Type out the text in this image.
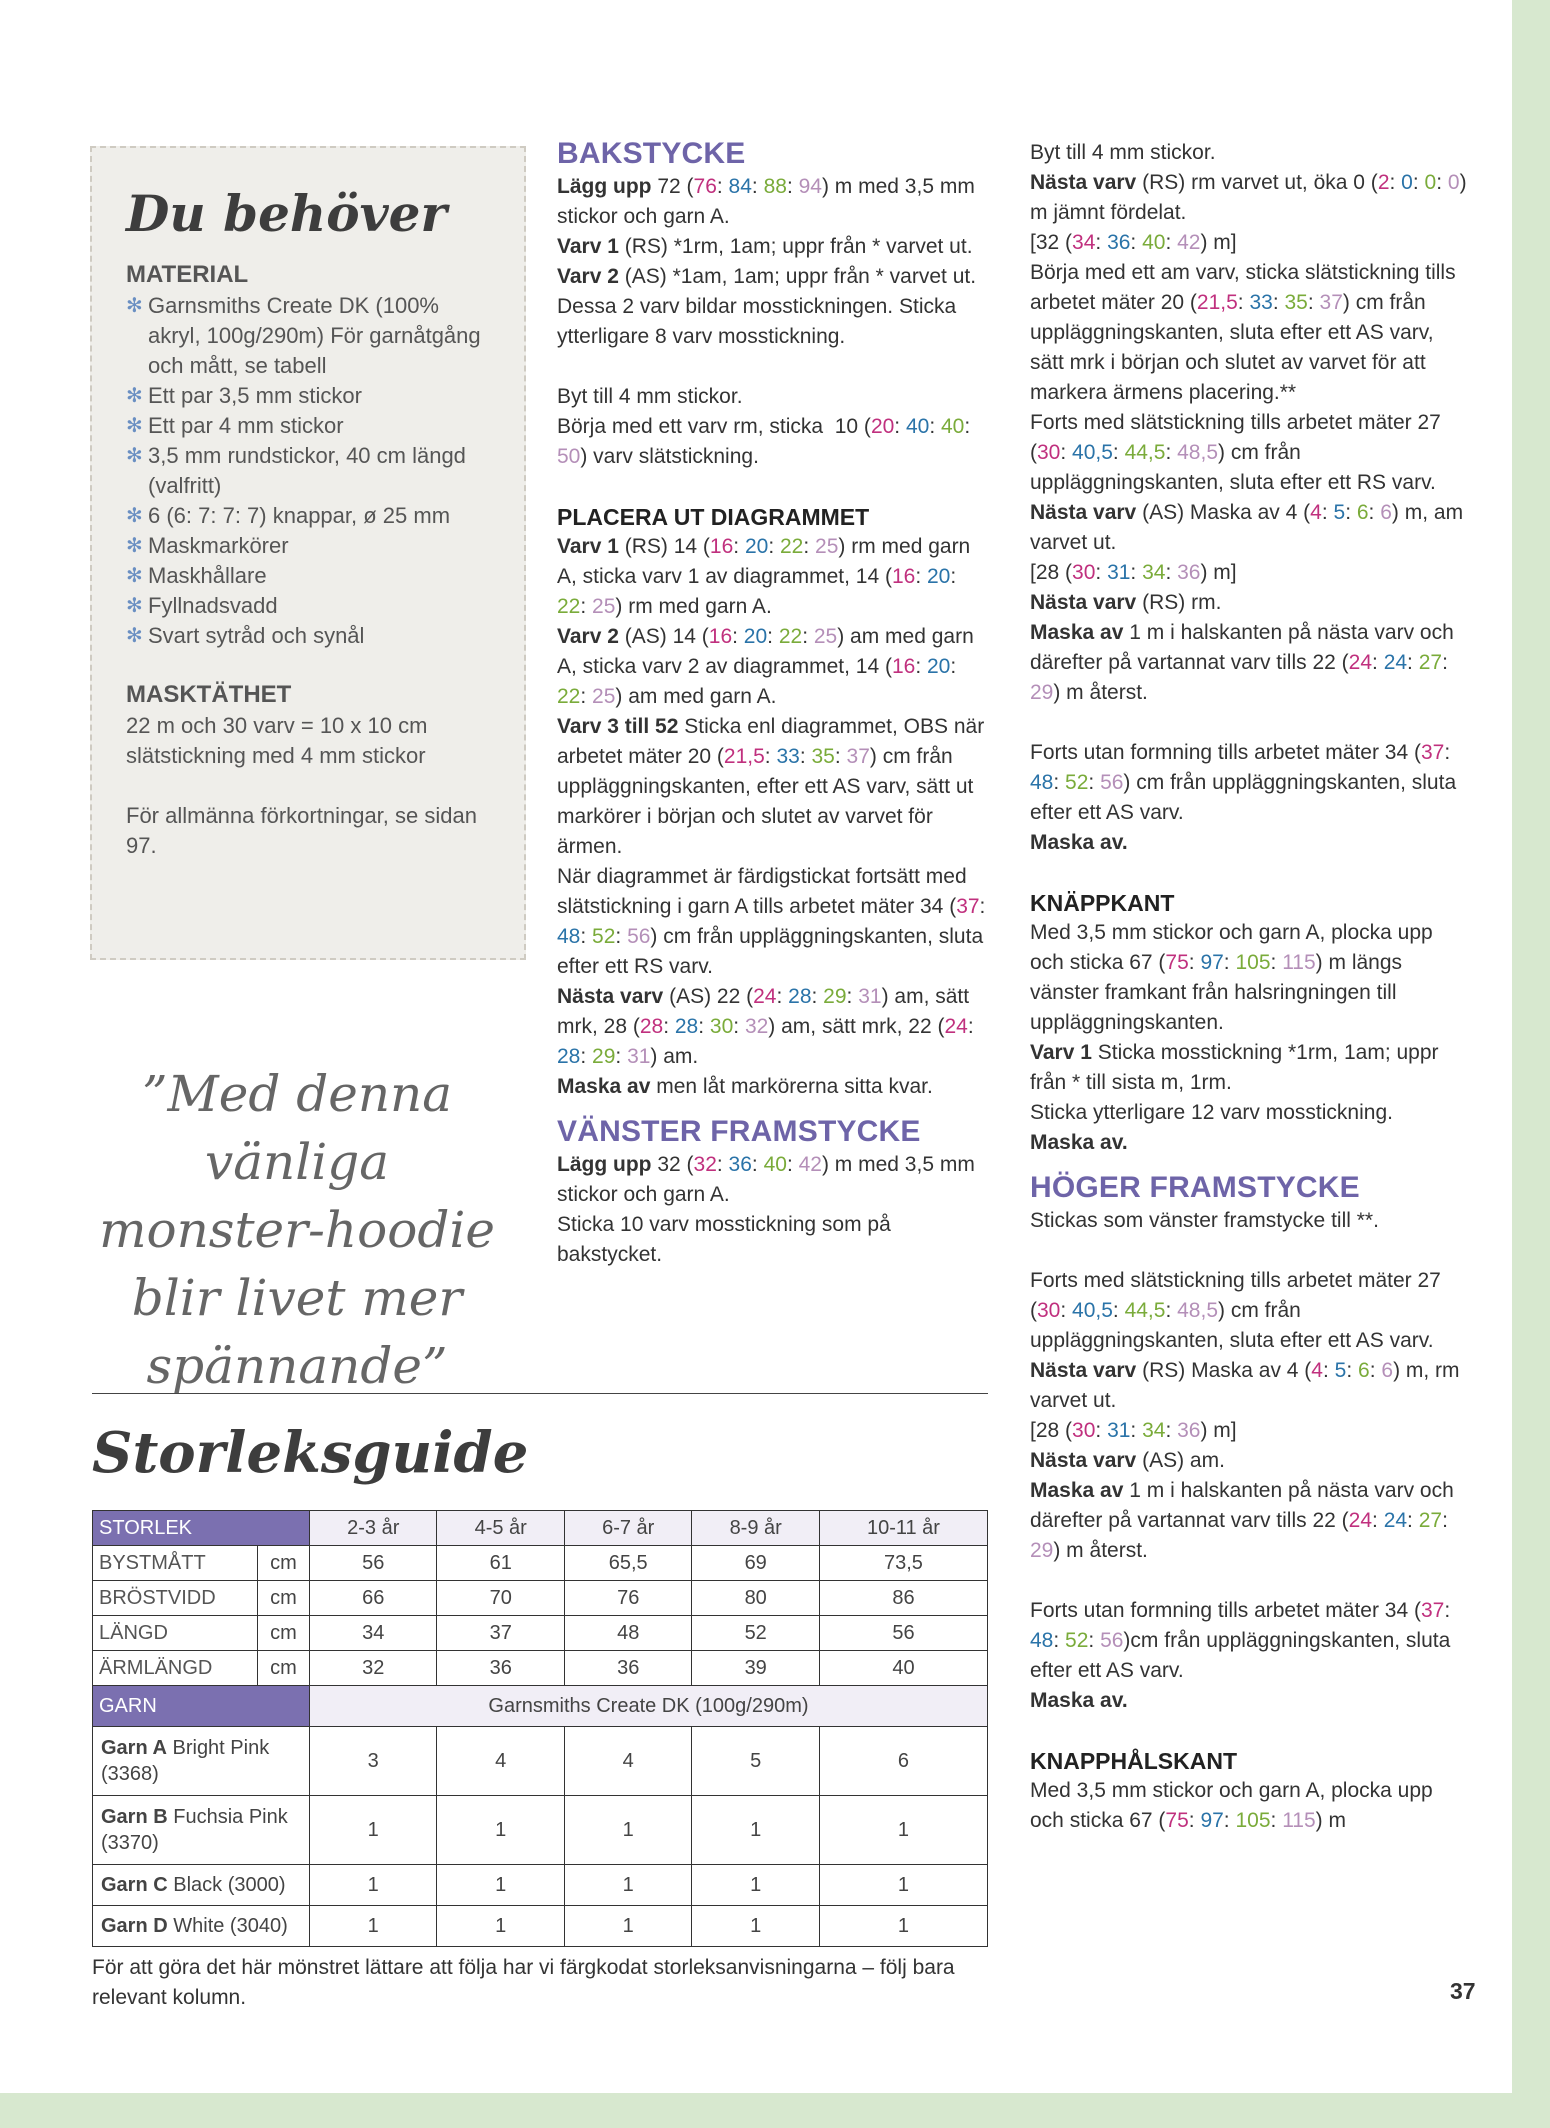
Du behöver
MATERIAL
✻ Garnsmiths Create DK (100% akryl, 100g/290m) För garnåtgång och mått, se tabell
✻ Ett par 3,5 mm stickor
✻ Ett par 4 mm stickor
✻ 3,5 mm rundstickor, 40 cm längd (valfritt)
✻ 6 (6: 7: 7: 7) knappar, ø 25 mm
✻ Maskmarkörer
✻ Maskhållare
✻ Fyllnadsvadd
✻ Svart sytråd och synål
MASKTÄTHET

22 m och 30 varv = 10 x 10 cm slätstickning med 4 mm stickor

För allmänna förkortningar, se sidan 97.

”Med denna vänliga monster-hoodie blir livet mer spännande”
BAKSTYCKE

Lägg upp 72 (76: 84: 88: 94) m med 3,5 mm stickor och garn A.

Varv 1 (RS) *1rm, 1am; uppr från * varvet ut.

Varv 2 (AS) *1am, 1am; uppr från * varvet ut.

Dessa 2 varv bildar mosstickningen. Sticka ytterligare 8 varv mosstickning.

Byt till 4 mm stickor.

Börja med ett varv rm, sticka  10 (20: 40: 40: 50) varv slätstickning.

PLACERA UT DIAGRAMMET

Varv 1 (RS) 14 (16: 20: 22: 25) rm med garn A, sticka varv 1 av diagrammet, 14 (16: 20: 22: 25) rm med garn A.

Varv 2 (AS) 14 (16: 20: 22: 25) am med garn A, sticka varv 2 av diagrammet, 14 (16: 20: 22: 25) am med garn A.

Varv 3 till 52 Sticka enl diagrammet, OBS när arbetet mäter 20 (21,5: 33: 35: 37) cm från uppläggningskanten, efter ett AS varv, sätt ut markörer i början och slutet av varvet för ärmen.

När diagrammet är färdigstickat fortsätt med slätstickning i garn A tills arbetet mäter 34 (37: 48: 52: 56) cm från uppläggningskanten, sluta efter ett RS varv.

Nästa varv (AS) 22 (24: 28: 29: 31) am, sätt mrk, 28 (28: 28: 30: 32) am, sätt mrk, 22 (24: 28: 29: 31) am.

Maska av men låt markörerna sitta kvar.

VÄNSTER FRAMSTYCKE

Lägg upp 32 (32: 36: 40: 42) m med 3,5 mm stickor och garn A.

Sticka 10 varv mosstickning som på bakstycket.

Byt till 4 mm stickor.

Nästa varv (RS) rm varvet ut, öka 0 (2: 0: 0: 0) m jämnt fördelat.

[32 (34: 36: 40: 42) m]

Börja med ett am varv, sticka slätstickning tills arbetet mäter 20 (21,5: 33: 35: 37) cm från uppläggningskanten, sluta efter ett AS varv, sätt mrk i början och slutet av varvet för att markera ärmens placering.**

Forts med slätstickning tills arbetet mäter 27 (30: 40,5: 44,5: 48,5) cm från uppläggningskanten, sluta efter ett RS varv.

Nästa varv (AS) Maska av 4 (4: 5: 6: 6) m, am varvet ut.

[28 (30: 31: 34: 36) m]

Nästa varv (RS) rm.

Maska av 1 m i halskanten på nästa varv och därefter på vartannat varv tills 22 (24: 24: 27: 29) m återst.

Forts utan formning tills arbetet mäter 34 (37: 48: 52: 56) cm från uppläggningskanten, sluta efter ett AS varv.

Maska av.

KNÄPPKANT

Med 3,5 mm stickor och garn A, plocka upp och sticka 67 (75: 97: 105: 115) m längs vänster framkant från halsringningen till uppläggningskanten.

Varv 1 Sticka mosstickning *1rm, 1am; uppr från * till sista m, 1rm.

Sticka ytterligare 12 varv mosstickning.

Maska av.

HÖGER FRAMSTYCKE

Stickas som vänster framstycke till **.

Forts med slätstickning tills arbetet mäter 27 (30: 40,5: 44,5: 48,5) cm från uppläggningskanten, sluta efter ett AS varv.

Nästa varv (RS) Maska av 4 (4: 5: 6: 6) m, rm varvet ut.

[28 (30: 31: 34: 36) m]

Nästa varv (AS) am.

Maska av 1 m i halskanten på nästa varv och därefter på vartannat varv tills 22 (24: 24: 27: 29) m återst.

Forts utan formning tills arbetet mäter 34 (37: 48: 52: 56)cm från uppläggningskanten, sluta efter ett AS varv.

Maska av.

KNAPPHÅLSKANT

Med 3,5 mm stickor och garn A, plocka upp och sticka 67 (75: 97: 105: 115) m

Storleksguide
STORLEK		2-3 år	4-5 år	6-7 år	8-9 år	10-11 år
BYSTMÅTT	cm	56	61	65,5	69	73,5
BRÖSTVIDD	cm	66	70	76	80	86
LÄNGD	cm	34	37	48	52	56
ÄRMLÄNGD	cm	32	36	36	39	40
GARN		Garnsmiths Create DK (100g/290m)				
Garn A Bright Pink (3368)		3	4	4	5	6
Garn B Fuchsia Pink (3370)		1	1	1	1	1
Garn C Black (3000)		1	1	1	1	1
Garn D White (3040)		1	1	1	1	1
För att göra det här mönstret lättare att följa har vi färgkodat storleksanvisningarna – följ bara relevant kolumn.	37
